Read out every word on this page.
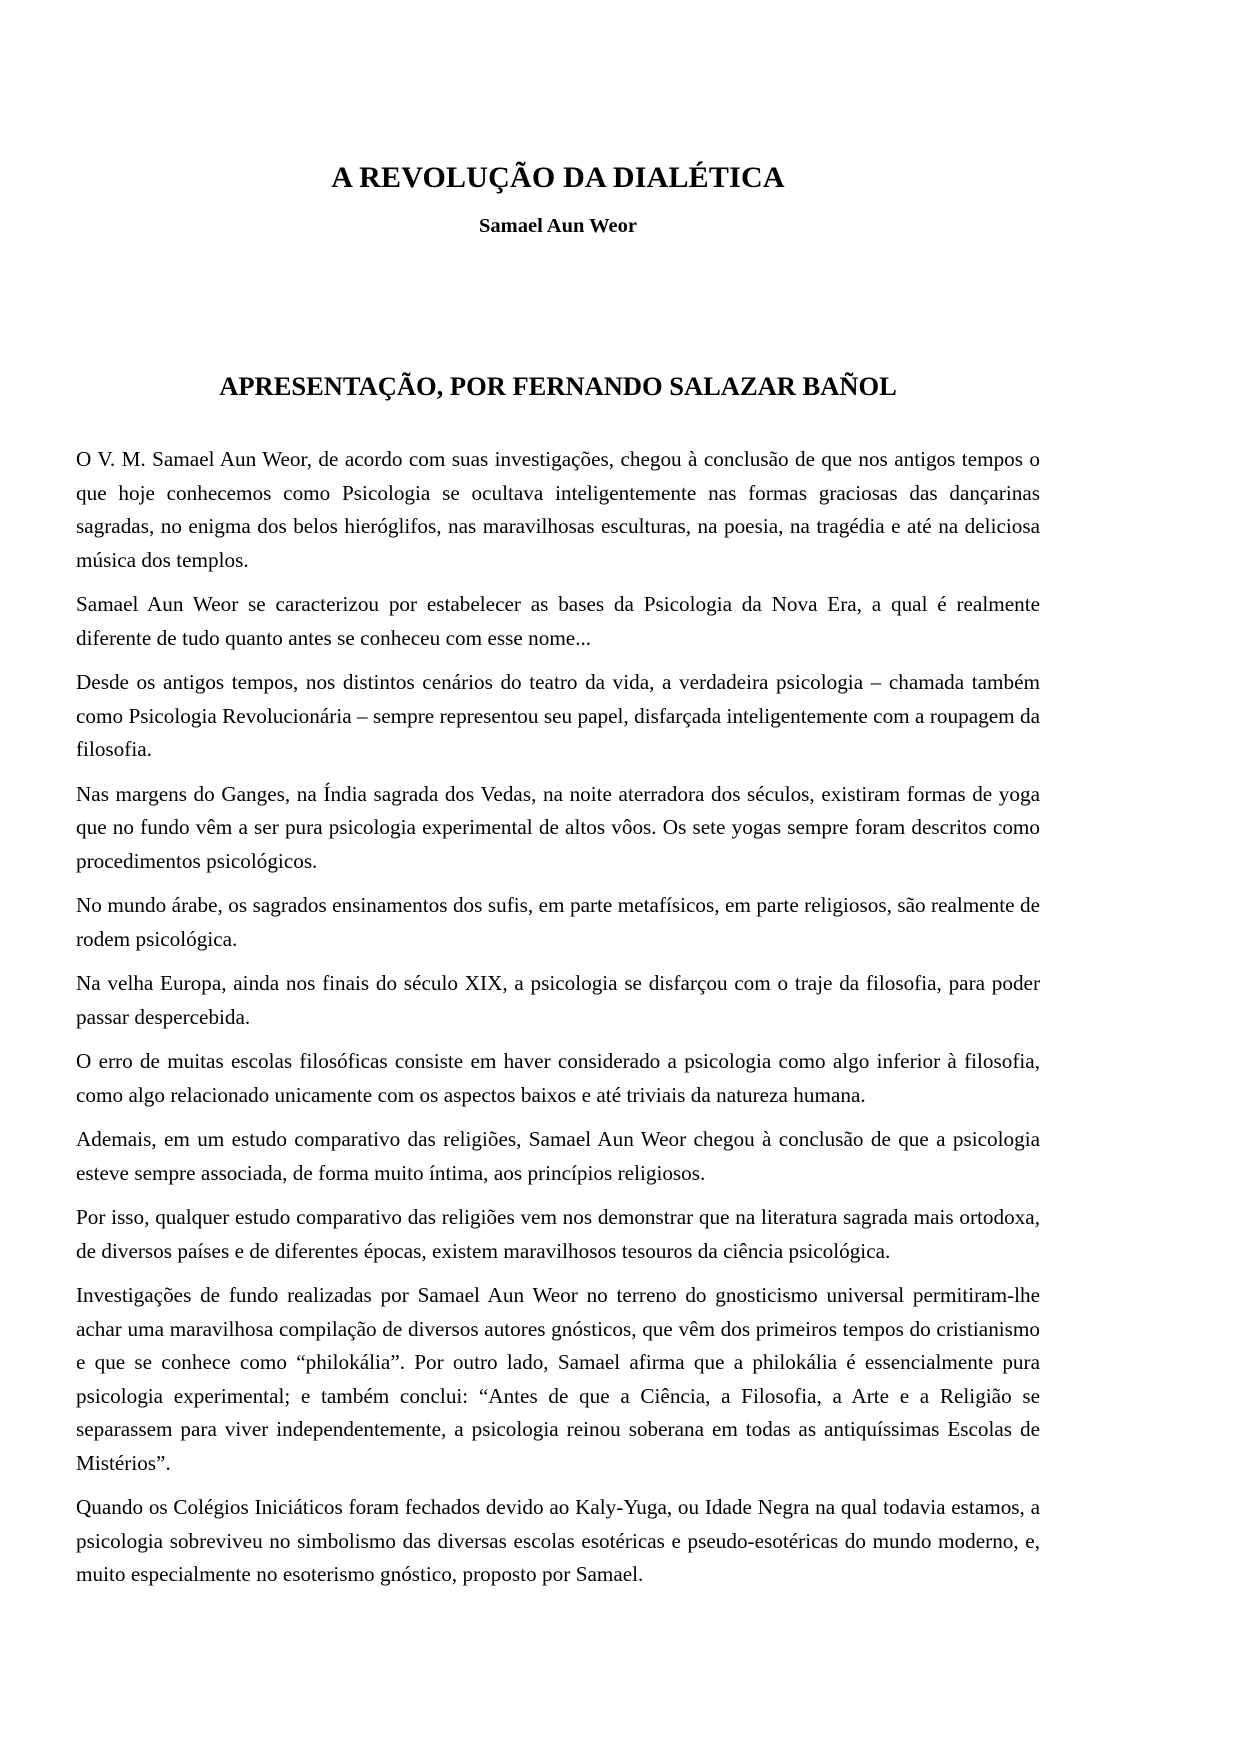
A REVOLUÇÃO DA DIALÉTICA
Samael Aun Weor
APRESENTAÇÃO, POR FERNANDO SALAZAR BAÑOL

O V. M. Samael Aun Weor, de acordo com suas investigações, chegou à conclusão de que nos antigos tempos o que hoje conhecemos como Psicologia se ocultava inteligentemente nas formas graciosas das dançarinas sagradas, no enigma dos belos hieróglifos, nas maravilhosas esculturas, na poesia, na tragédia e até na deliciosa música dos templos.

Samael Aun Weor se caracterizou por estabelecer as bases da Psicologia da Nova Era, a qual é realmente diferente de tudo quanto antes se conheceu com esse nome...

Desde os antigos tempos, nos distintos cenários do teatro da vida, a verdadeira psicologia – chamada também como Psicologia Revolucionária – sempre representou seu papel, disfarçada inteligentemente com a roupagem da filosofia.

Nas margens do Ganges, na Índia sagrada dos Vedas, na noite aterradora dos séculos, existiram formas de yoga que no fundo vêm a ser pura psicologia experimental de altos vôos. Os sete yogas sempre foram descritos como procedimentos psicológicos.

No mundo árabe, os sagrados ensinamentos dos sufis, em parte metafísicos, em parte religiosos, são realmente de rodem psicológica.

Na velha Europa, ainda nos finais do século XIX, a psicologia se disfarçou com o traje da filosofia, para poder passar despercebida.

O erro de muitas escolas filosóficas consiste em haver considerado a psicologia como algo inferior à filosofia, como algo relacionado unicamente com os aspectos baixos e até triviais da natureza humana.

Ademais, em um estudo comparativo das religiões, Samael Aun Weor chegou à conclusão de que a psicologia esteve sempre associada, de forma muito íntima, aos princípios religiosos.

Por isso, qualquer estudo comparativo das religiões vem nos demonstrar que na literatura sagrada mais ortodoxa, de diversos países e de diferentes épocas, existem maravilhosos tesouros da ciência psicológica.

Investigações de fundo realizadas por Samael Aun Weor no terreno do gnosticismo universal permitiram-lhe achar uma maravilhosa compilação de diversos autores gnósticos, que vêm dos primeiros tempos do cristianismo e que se conhece como “philokália”. Por outro lado, Samael afirma que a philokália é essencialmente pura psicologia experimental; e também conclui: “Antes de que a Ciência, a Filosofia, a Arte e a Religião se separassem para viver independentemente, a psicologia reinou soberana em todas as antiquíssimas Escolas de Mistérios”.

Quando os Colégios Iniciáticos foram fechados devido ao Kaly-Yuga, ou Idade Negra na qual todavia estamos, a psicologia sobreviveu no simbolismo das diversas escolas esotéricas e pseudo-esotéricas do mundo moderno, e, muito especialmente no esoterismo gnóstico, proposto por Samael.
